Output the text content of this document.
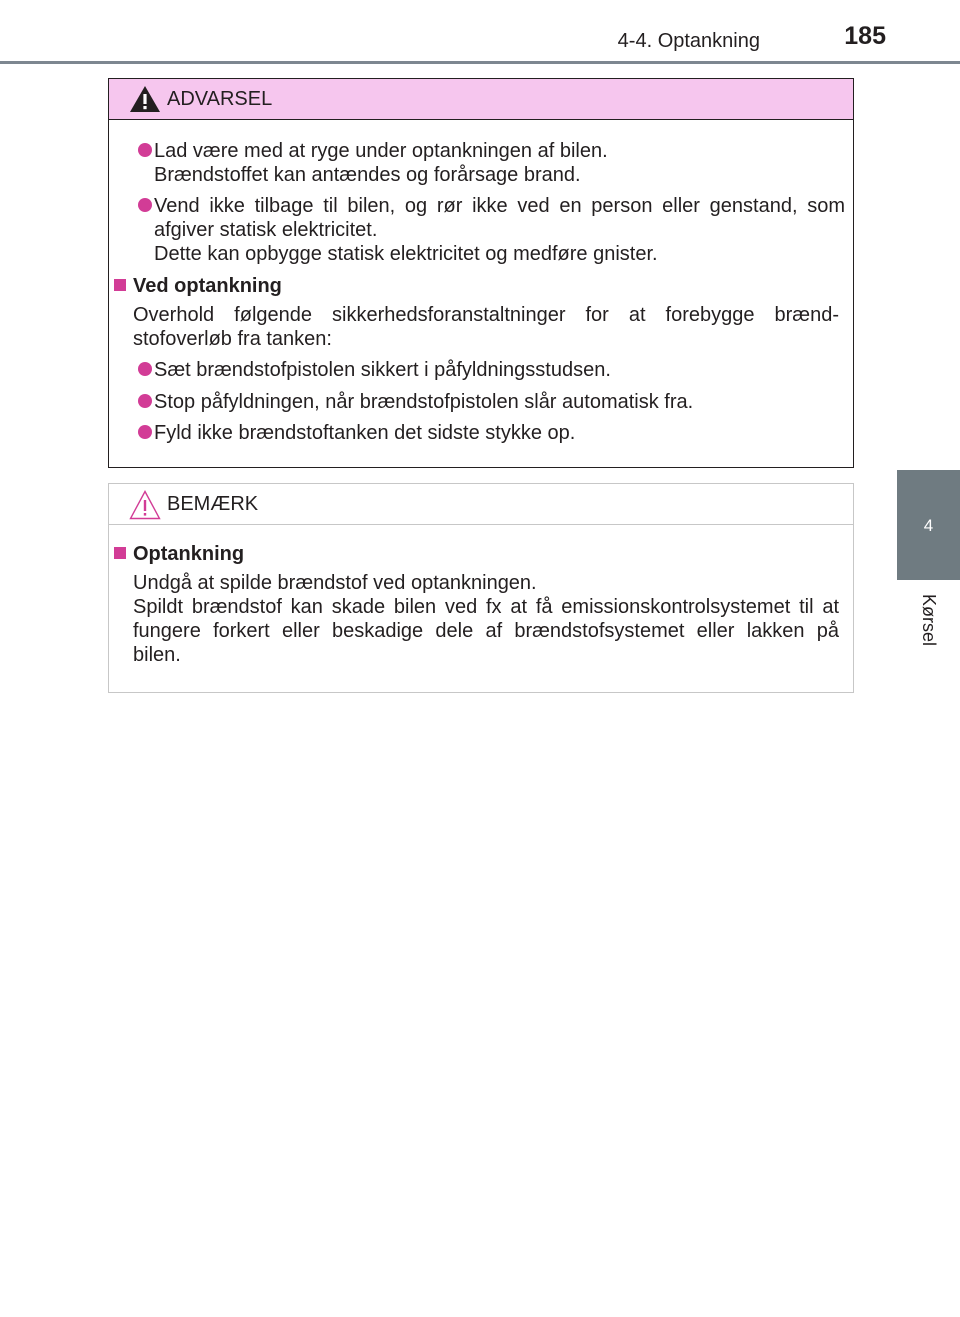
4-4. Optankning	185
4
Kørsel
ADVARSEL
Lad være med at ryge under optankningen af bilen.
Brændstoffet kan antændes og forårsage brand.
Vend ikke tilbage til bilen, og rør ikke ved en person eller genstand, som
afgiver statisk elektricitet.
Dette kan opbygge statisk elektricitet og medføre gnister.
Ved optankning
Overhold følgende sikkerhedsforanstaltninger for at forebygge brænd-
stofoverløb fra tanken:
Sæt brændstofpistolen sikkert i påfyldningsstudsen.
Stop påfyldningen, når brændstofpistolen slår automatisk fra.
Fyld ikke brændstoftanken det sidste stykke op.
BEMÆRK
Optankning
Undgå at spilde brændstof ved optankningen.
Spildt brændstof kan skade bilen ved fx at få emissionskontrolsystemet til at
fungere forkert eller beskadige dele af brændstofsystemet eller lakken på
bilen.
